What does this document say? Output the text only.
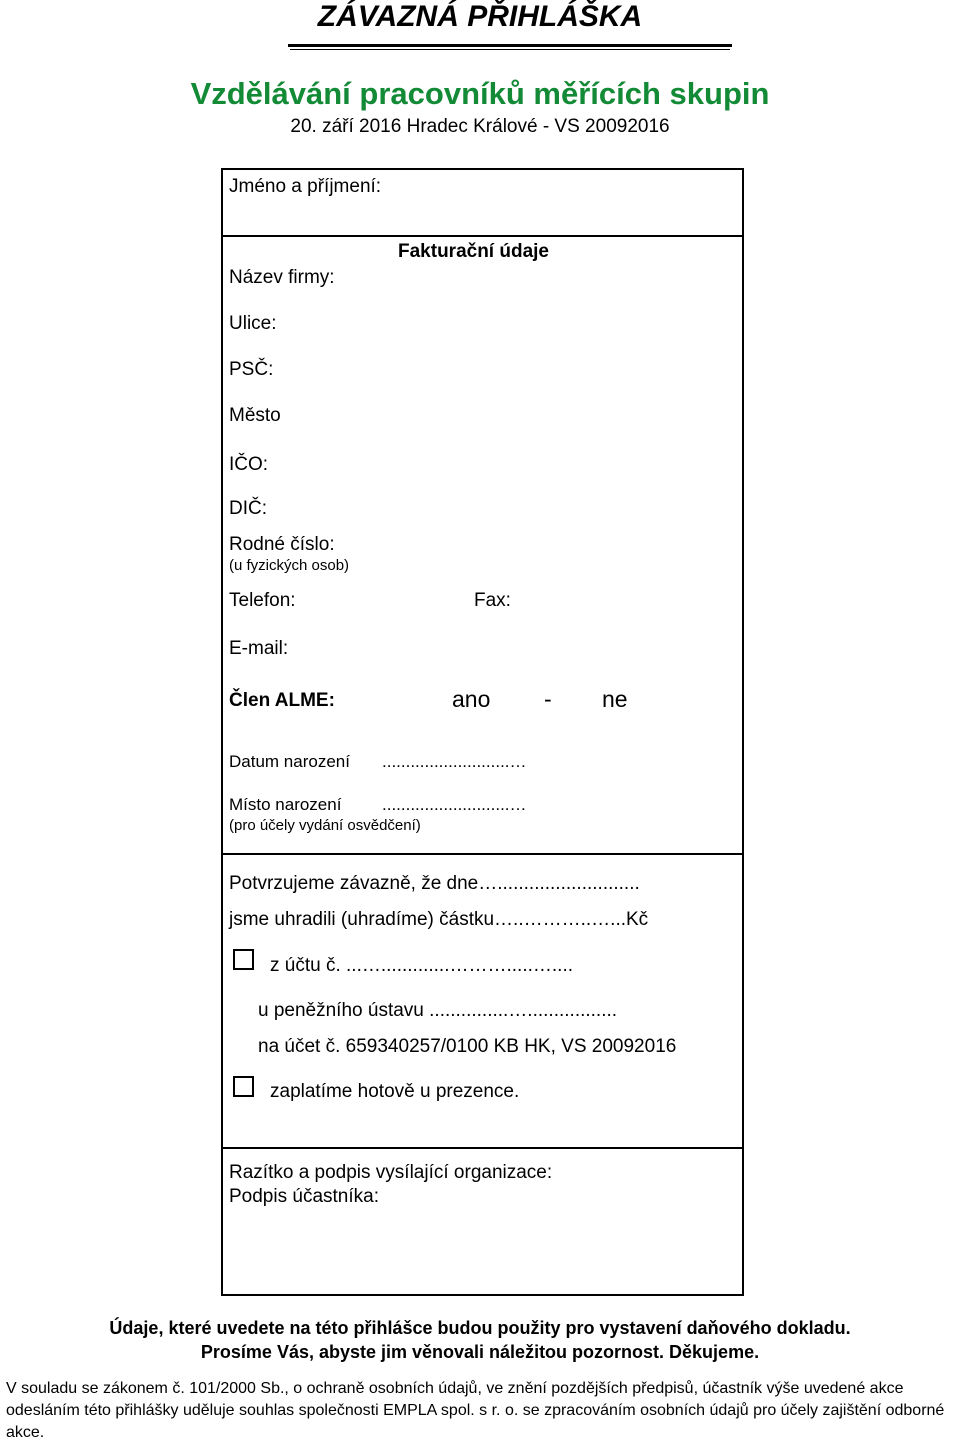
ZÁVAZNÁ PŘIHLÁŠKA
Vzdělávání pracovníků měřících skupin
20. září 2016 Hradec Králové - VS 20092016
Jméno a příjmení:
Fakturační údaje
Název firmy:
Ulice:
PSČ:
Město
IČO:
DIČ:
Rodné číslo:
(u fyzických osob)
Telefon:	Fax:
E-mail:
Člen ALME:	ano - ne
Datum narození ...........................…
Místo narození ...........................…
(pro účely vydání osvědčení)
Potvrzujeme závazně, že dne…...........................
jsme uhradili (uhradíme) částku…..………..…...Kč
z účtu č. ...….............……….....…....
u peněžního ústavu ...............….................
na účet č. 659340257/0100 KB HK, VS 20092016
zaplatíme hotově u prezence.
Razítko a podpis vysílající organizace:
Podpis účastníka:
Údaje, které uvedete na této přihlášce budou použity pro vystavení daňového dokladu.
Prosíme Vás, abyste jim věnovali náležitou pozornost. Děkujeme.
V souladu se zákonem č. 101/2000 Sb., o ochraně osobních údajů, ve znění pozdějších předpisů, účastník výše uvedené akce odesláním této přihlášky uděluje souhlas společnosti EMPLA spol. s r. o. se zpracováním osobních údajů pro účely zajištění odborné akce.
